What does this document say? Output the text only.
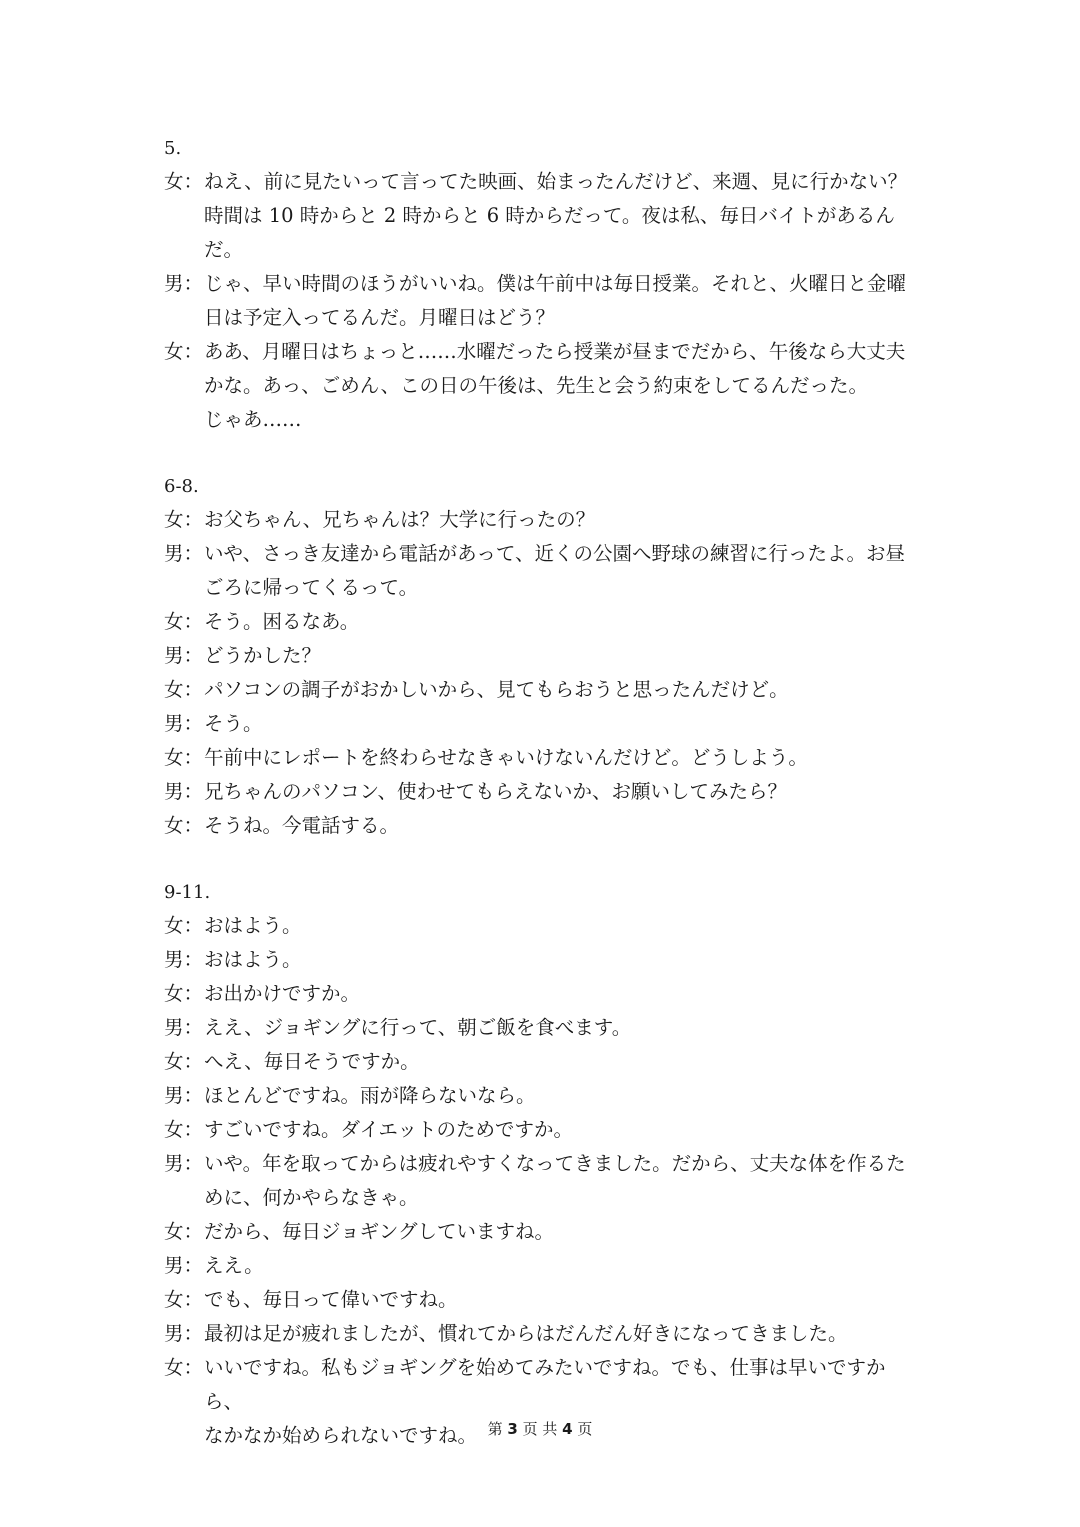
5.
女： ねえ、前に見たいって言ってた映画、始まったんだけど、来週、見に行かない？
時間は 10 時からと 2 時からと 6 時からだって。夜は私、毎日バイトがあるんだ。
男： じゃ、早い時間のほうがいいね。僕は午前中は毎日授業。それと、火曜日と金曜
日は予定入ってるんだ。月曜日はどう？
女： ああ、月曜日はちょっと……水曜だったら授業が昼までだから、午後なら大丈夫
かな。あっ、ごめん、この日の午後は、先生と会う約束をしてるんだった。
じゃあ……
6-8.
女： お父ちゃん、兄ちゃんは？大学に行ったの？
男： いや、さっき友達から電話があって、近くの公園へ野球の練習に行ったよ。お昼
ごろに帰ってくるって。
女： そう。困るなあ。
男： どうかした？
女： パソコンの調子がおかしいから、見てもらおうと思ったんだけど。
男： そう。
女： 午前中にレポートを終わらせなきゃいけないんだけど。どうしよう。
男： 兄ちゃんのパソコン、使わせてもらえないか、お願いしてみたら？
女： そうね。今電話する。
9-11.
女： おはよう。
男： おはよう。
女： お出かけですか。
男： ええ、ジョギングに行って、朝ご飯を食べます。
女： へえ、毎日そうですか。
男： ほとんどですね。雨が降らないなら。
女： すごいですね。ダイエットのためですか。
男： いや。年を取ってからは疲れやすくなってきました。だから、丈夫な体を作るた
めに、何かやらなきゃ。
女： だから、毎日ジョギングしていますね。
男： ええ。
女： でも、毎日って偉いですね。
男： 最初は足が疲れましたが、慣れてからはだんだん好きになってきました。
女： いいですね。私もジョギングを始めてみたいですね。でも、仕事は早いですから、
なかなか始められないですね。 第 3 页 共 4 页
